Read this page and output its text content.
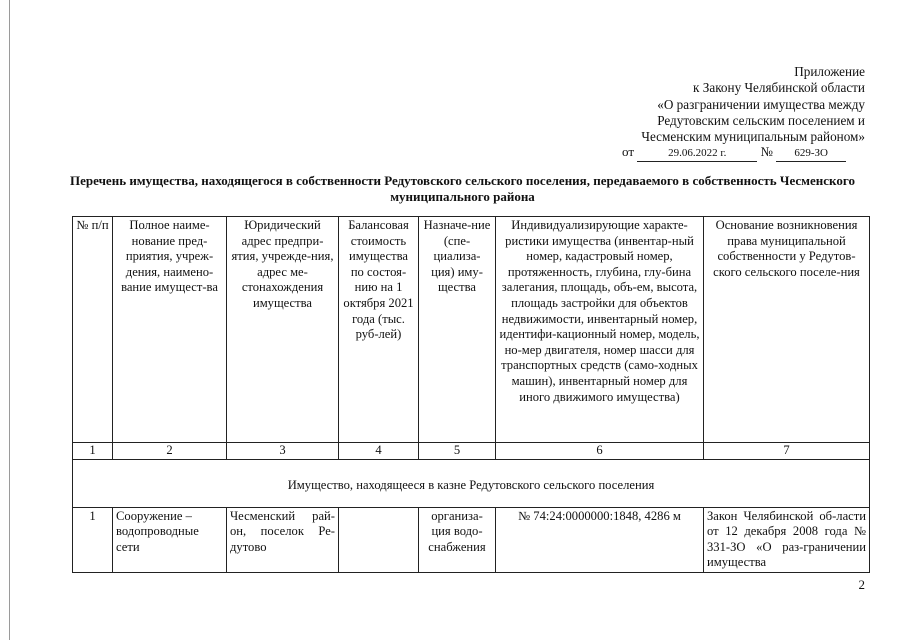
Приложение
к Закону Челябинской области
«О разграничении имущества между
Редутовским сельским поселением и
Чесменским муниципальным районом»
от	29.06.2022 г.	№ 629-ЗО
Перечень имущества, находящегося в собственности Редутовского сельского поселения, передаваемого в собственность Чесменского муниципального района
№ п/п	Полное наиме-нование пред-приятия, учреж-дения, наимено-вание имущест-ва	Юридический адрес предпри-ятия, учрежде-ния, адрес ме-стонахождения имущества	Балансовая стоимость имущества по состоя-нию на 1 октября 2021 года (тыс. руб-лей)	Назначе-ние (спе-циализа-ция) иму-щества	Индивидуализирующие характе-ристики имущества (инвентар-ный номер, кадастровый номер, протяженность, глубина, глу-бина залегания, площадь, объ-ем, высота, площадь застройки для объектов недвижимости, инвентарный номер, идентифи-кационный номер, модель, но-мер двигателя, номер шасси для транспортных средств (само-ходных машин), инвентарный номер для иного движимого имущества)	Основание возникновения права муниципальной собственности у Редутов-ского сельского поселе-ния
1	2	3	4	5	6	7
Имущество, находящееся в казне Редутовского сельского поселения						
1	Сооружение – водопроводные сети	Чесменский рай-он, поселок Ре-дутово		организа-ция водо-снабжения	№ 74:24:0000000:1848, 4286 м	Закон Челябинской об-ласти от 12 декабря 2008 года № 331-ЗО «О раз-граничении имущества
2
